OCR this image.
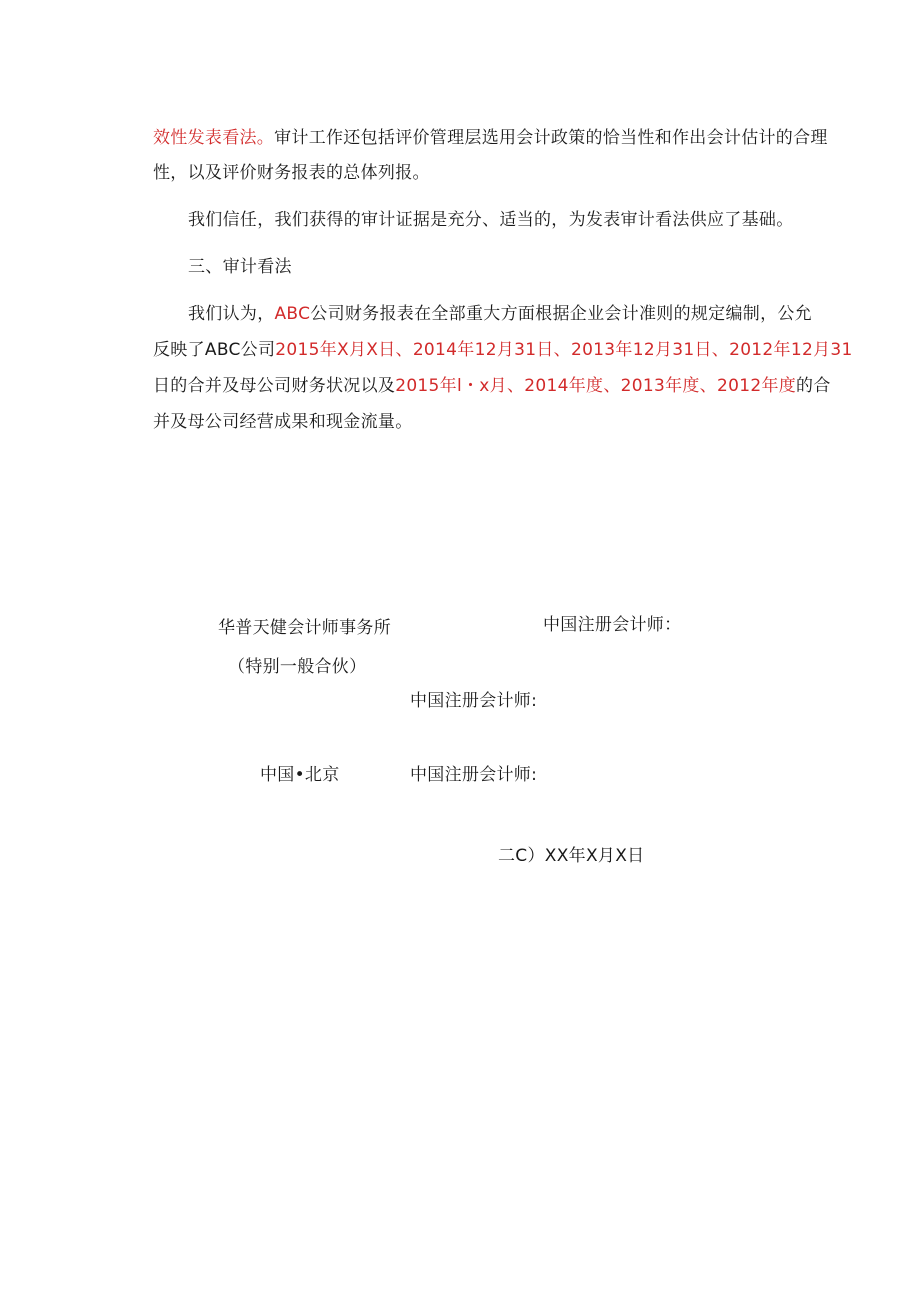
效性发表看法。审计工作还包括评价管理层选用会计政策的恰当性和作出会计估计的合理
性，以及评价财务报表的总体列报。
我们信任，我们获得的审计证据是充分、适当的，为发表审计看法供应了基础。
三、审计看法
我们认为，ABC公司财务报表在全部重大方面根据企业会计准则的规定编制，公允
反映了ABC公司2015年X月X日、2014年12月31日、2013年12月31日、2012年12月31
日的合并及母公司财务状况以及2015年l・x月、2014年度、2013年度、2012年度的合
并及母公司经营成果和现金流量。
华普天健会计师事务所	中国注册会计师：
（特别一般合伙）
中国注册会计师:
中国•北京	中国注册会计师:
二C）XX年X月X日
